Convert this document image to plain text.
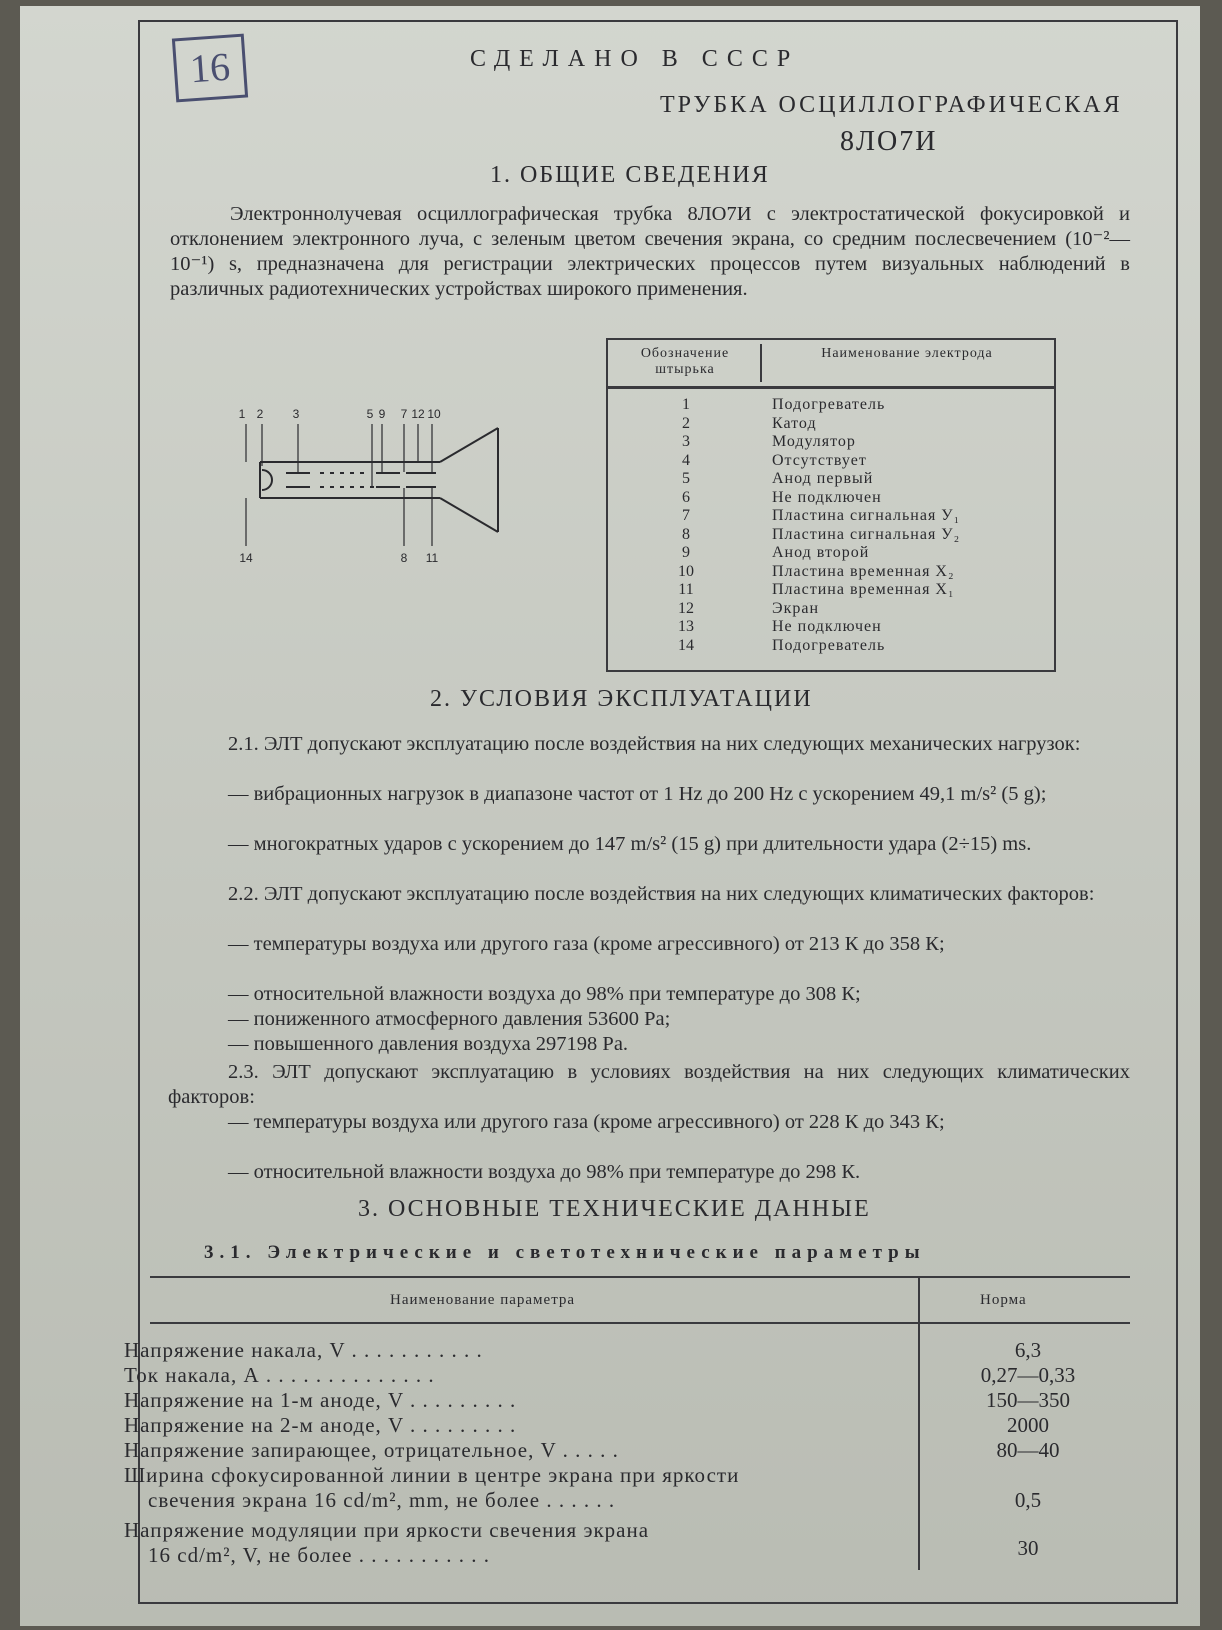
16	СДЕЛАНО В СССР
ТРУБКА ОСЦИЛЛОГРАФИЧЕСКАЯ
8ЛО7И
1. ОБЩИЕ СВЕДЕНИЯ
Электроннолучевая осциллографическая трубка 8ЛО7И с электростатической фокусировкой и отклонением электронного луча, с зеленым цветом свечения экрана, со средним послесвечением (10⁻²—10⁻¹) s, предназначена для регистрации электрических процессов путем визуальных наблюдений в различных радиотехнических устройствах широкого применения.
1 2 3	5 9 7 12 10
14	8 11
Обозначение штырька
Наименование электрода
1	Подогреватель
2	Катод
3	Модулятор
4	Отсутствует
5	Анод первый
6	Не подключен
7	Пластина сигнальная У₁
8	Пластина сигнальная У₂
9	Анод второй
10	Пластина временная X₂
11	Пластина временная X₁
12	Экран
13	Не подключен
14	Подогреватель
2. УСЛОВИЯ ЭКСПЛУАТАЦИИ
2.1. ЭЛТ допускают эксплуатацию после воздействия на них следующих механических нагрузок:
— вибрационных нагрузок в диапазоне частот от 1 Hz до 200 Hz с ускорением 49,1 m/s² (5 g);
— многократных ударов с ускорением до 147 m/s² (15 g) при длительности удара (2÷15) ms.
2.2. ЭЛТ допускают эксплуатацию после воздействия на них следующих климатических факторов:
— температуры воздуха или другого газа (кроме агрессивного) от 213 К до 358 К;
— относительной влажности воздуха до 98% при температуре до 308 К;
— пониженного атмосферного давления 53600 Pa;
— повышенного давления воздуха 297198 Pa.
2.3. ЭЛТ допускают эксплуатацию в условиях воздействия на них следующих климатических факторов:
— температуры воздуха или другого газа (кроме агрессивного) от 228 К до 343 К;
— относительной влажности воздуха до 98% при температуре до 298 К.
3. ОСНОВНЫЕ ТЕХНИЧЕСКИЕ ДАННЫЕ
3.1. Электрические и светотехнические параметры
Наименование параметра	Норма
Напряжение накала, V . . . . . . . . . . .	6,3
Ток накала, А . . . . . . . . . . . . . .	0,27—0,33
Напряжение на 1-м аноде, V . . . . . . . . .	150—350
Напряжение на 2-м аноде, V . . . . . . . . .	2000
Напряжение запирающее, отрицательное, V . . . . .	80—40
Ширина сфокусированной линии в центре экрана при яркости
свечения экрана 16 cd/m², mm, не более . . . . . .	0,5
Напряжение модуляции при яркости свечения экрана
16 cd/m², V, не более . . . . . . . . . . .	30
